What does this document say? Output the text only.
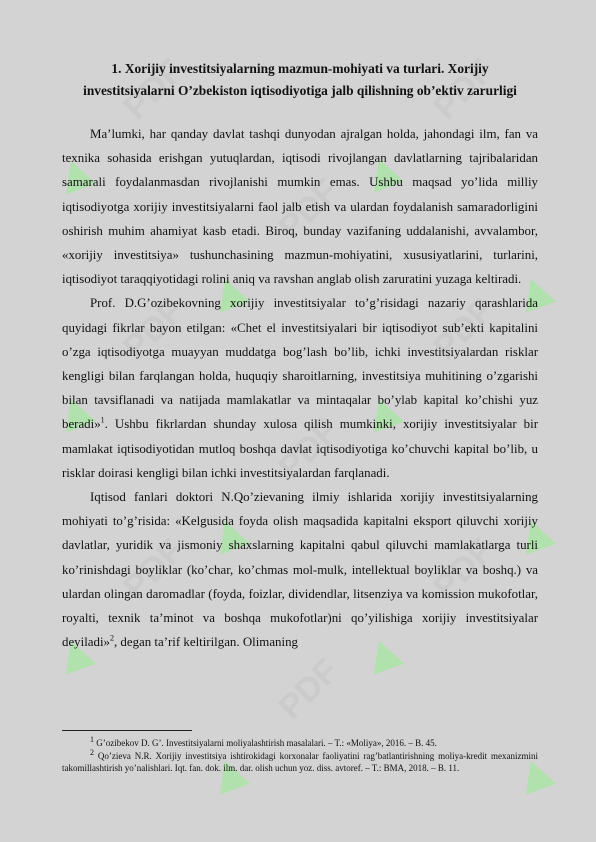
PDF	PDF
PDF
PDF	PDF
PDF
PDF	PDF
PDF
1. Xorijiy investitsiyalarning mazmun-mohiyati va turlari. Xorijiy
investitsiyalarni O’zbekiston iqtisodiyotiga jalb qilishning ob’ektiv zarurligi

Ma’lumki, har qanday davlat tashqi dunyodan ajralgan holda, jahondagi ilm, fan va texnika sohasida erishgan yutuqlardan, iqtisodi rivojlangan davlatlarning tajribalaridan samarali foydalanmasdan rivojlanishi mumkin emas. Ushbu maqsad yo’lida milliy iqtisodiyotga xorijiy investitsiyalarni faol jalb etish va ulardan foydalanish samaradorligini oshirish muhim ahamiyat kasb etadi. Biroq, bunday vazifaning uddalanishi, avvalambor, «xorijiy investitsiya» tushunchasining mazmun-mohiyatini, xususiyatlarini, turlarini, iqtisodiyot taraqqiyotidagi rolini aniq va ravshan anglab olish zaruratini yuzaga keltiradi.

Prof. D.G’ozibekovning xorijiy investitsiyalar to’g’risidagi nazariy qarashlarida quyidagi fikrlar bayon etilgan: «Chet el investitsiyalari bir iqtisodiyot sub’ekti kapitalini o’zga iqtisodiyotga muayyan muddatga bog’lash bo’lib, ichki investitsiyalardan risklar kengligi bilan farqlangan holda, huquqiy sharoitlarning, investitsiya muhitining o’zgarishi bilan tavsiflanadi va natijada mamlakatlar va mintaqalar bo’ylab kapital ko’chishi yuz beradi»$^1$. Ushbu fikrlardan shunday xulosa qilish mumkinki, xorijiy investitsiyalar bir mamlakat iqtisodiyotidan mutloq boshqa davlat iqtisodiyotiga ko’chuvchi kapital bo’lib, u risklar doirasi kengligi bilan ichki investitsiyalardan farqlanadi.

Iqtisod fanlari doktori N.Qo’zievaning ilmiy ishlarida xorijiy investitsiyalarning mohiyati to’g’risida: «Kelgusida foyda olish maqsadida kapitalni eksport qiluvchi xorijiy davlatlar, yuridik va jismoniy shaxslarning kapitalni qabul qiluvchi mamlakatlarga turli ko’rinishdagi boyliklar (ko’char, ko’chmas mol-mulk, intellektual boyliklar va boshq.) va ulardan olingan daromadlar (foyda, foizlar, dividendlar, litsenziya va komission mukofotlar, royalti, texnik ta’minot va boshqa mukofotlar)ni qo’yilishiga xorijiy investitsiyalar deyiladi»$^2$, degan ta’rif keltirilgan. Olimaning

$^1$ G’ozibekov D. G’. Investitsiyalarni moliyalashtirish masalalari. – T.: «Moliya», 2016. – B. 45.

$^2$ Qo’zieva N.R. Xorijiy investitsiya ishtirokidagi korxonalar faoliyatini rag’batlantirishning moliya-kredit mexanizmini takomillashtirish yo’nalishlari. Iqt. fan. dok. ilm. dar. olish uchun yoz. diss. avtoref. – T.: BMA, 2018. – B. 11.
